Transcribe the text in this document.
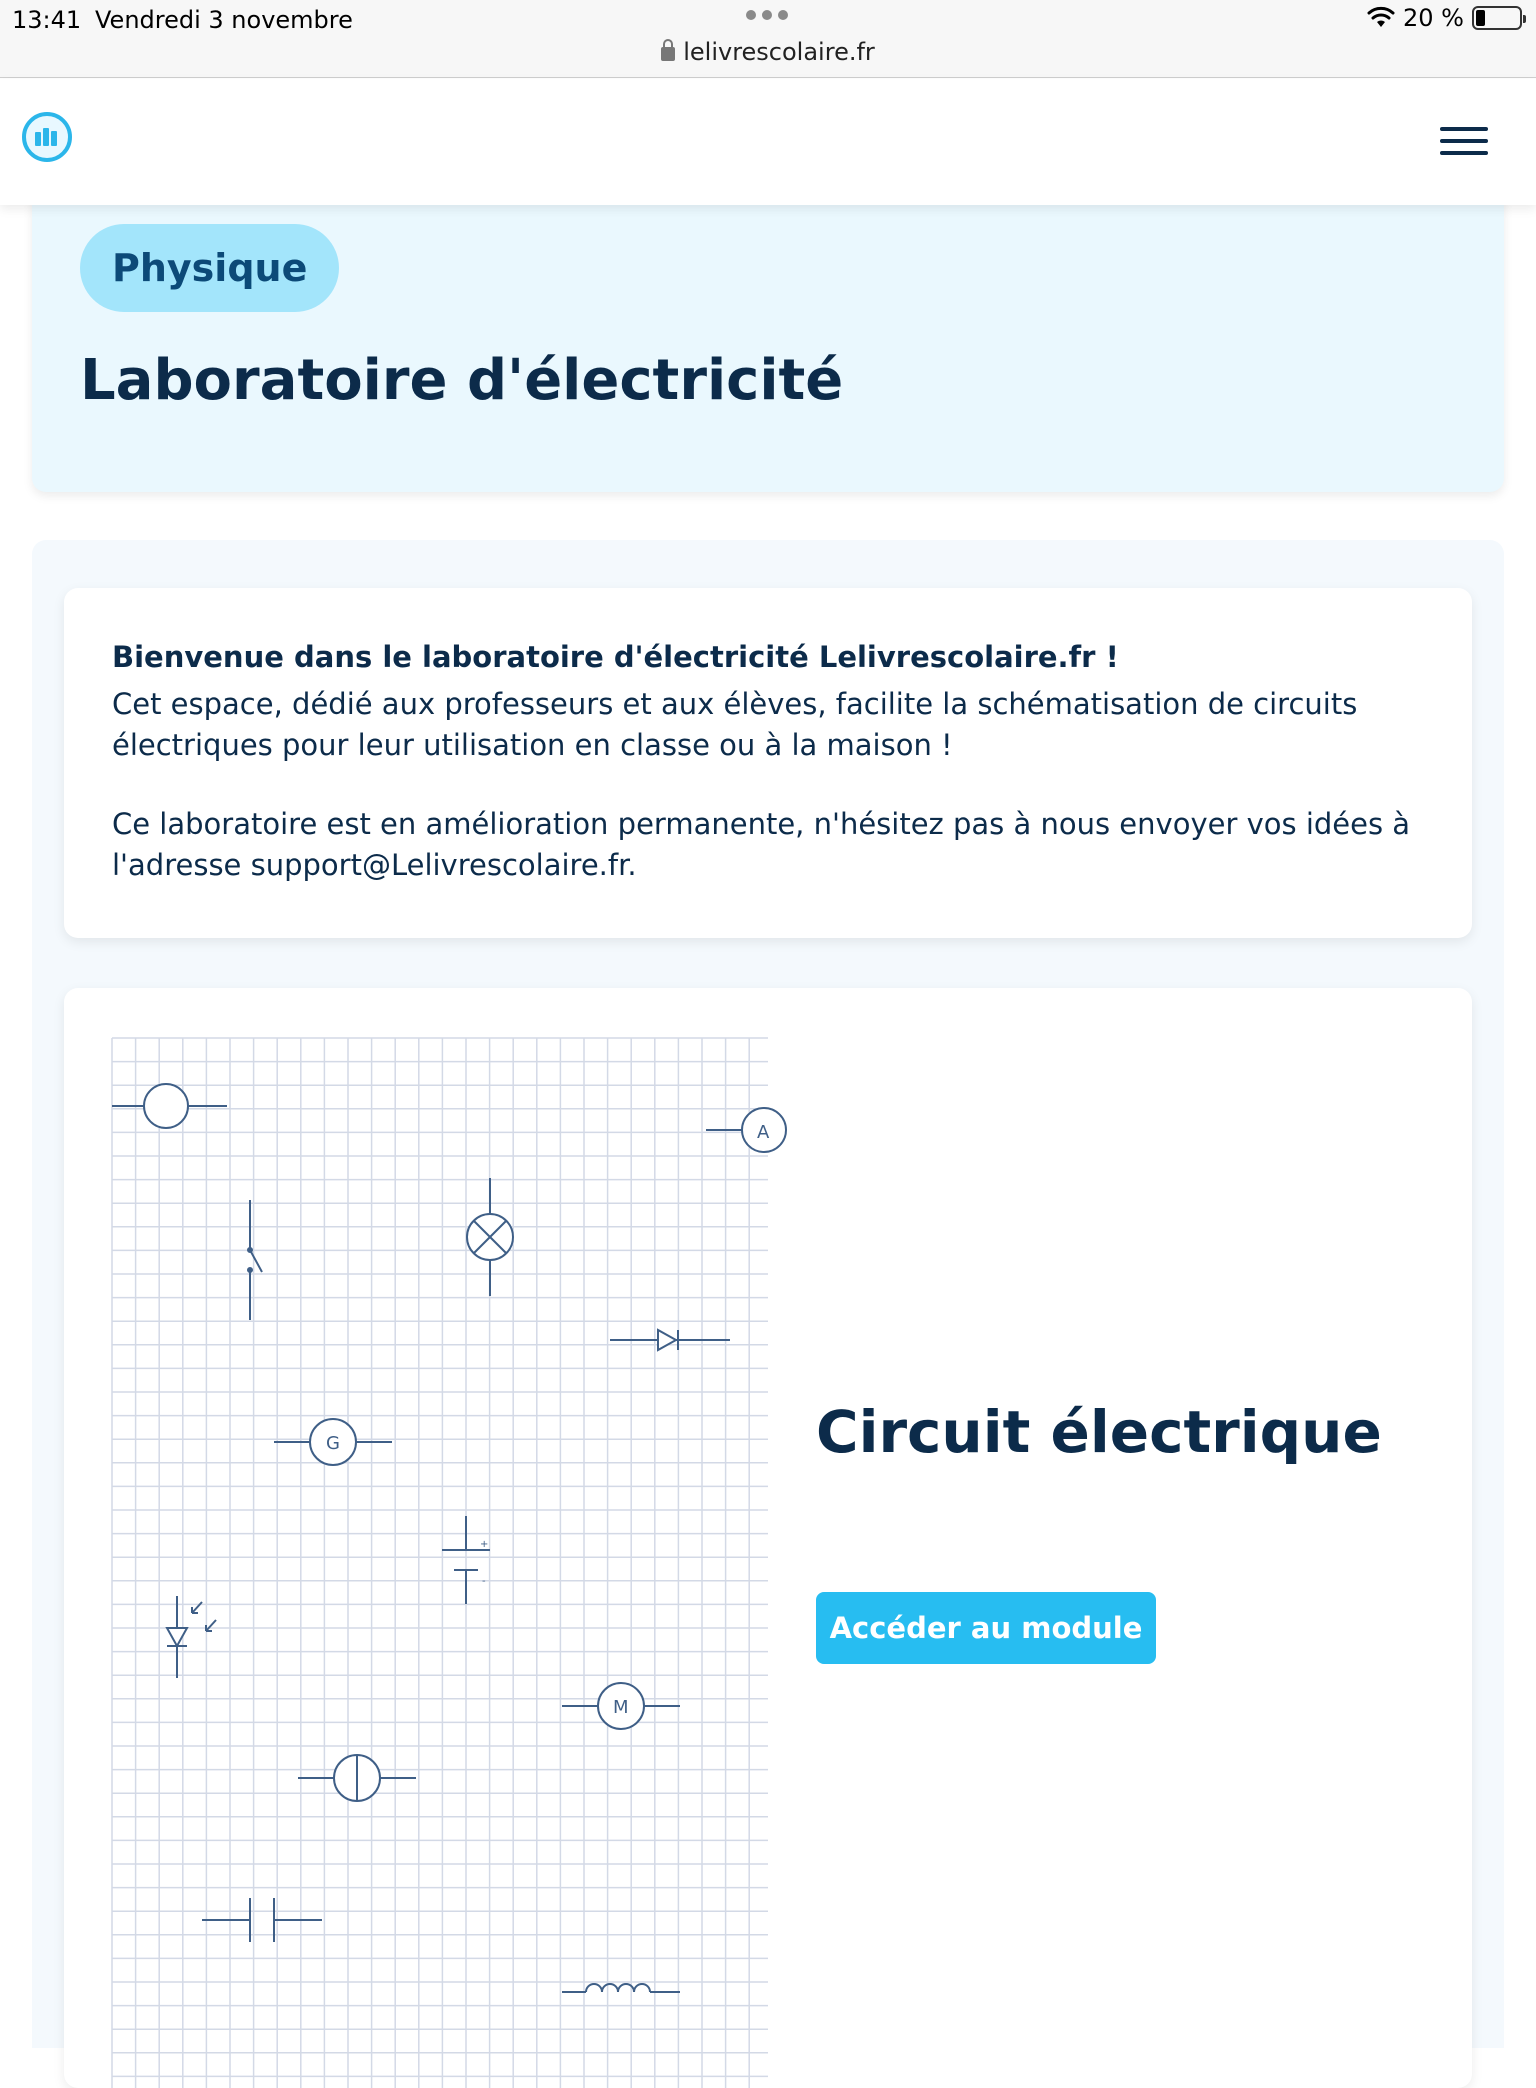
13:41 Vendredi 3 novembre	20 %
lelivrescolaire.fr
Physique
Laboratoire d'électricité
Bienvenue dans le laboratoire d'électricité Lelivrescolaire.fr !

Cet espace, dédié aux professeurs et aux élèves, facilite la schématisation de circuits électriques pour leur utilisation en classe ou à la maison !

Ce laboratoire est en amélioration permanente, n'hésitez pas à nous envoyer vos idées à l'adresse support@Lelivrescolaire.fr.

A
G
+
-
M
Circuit électrique
Accéder au module
